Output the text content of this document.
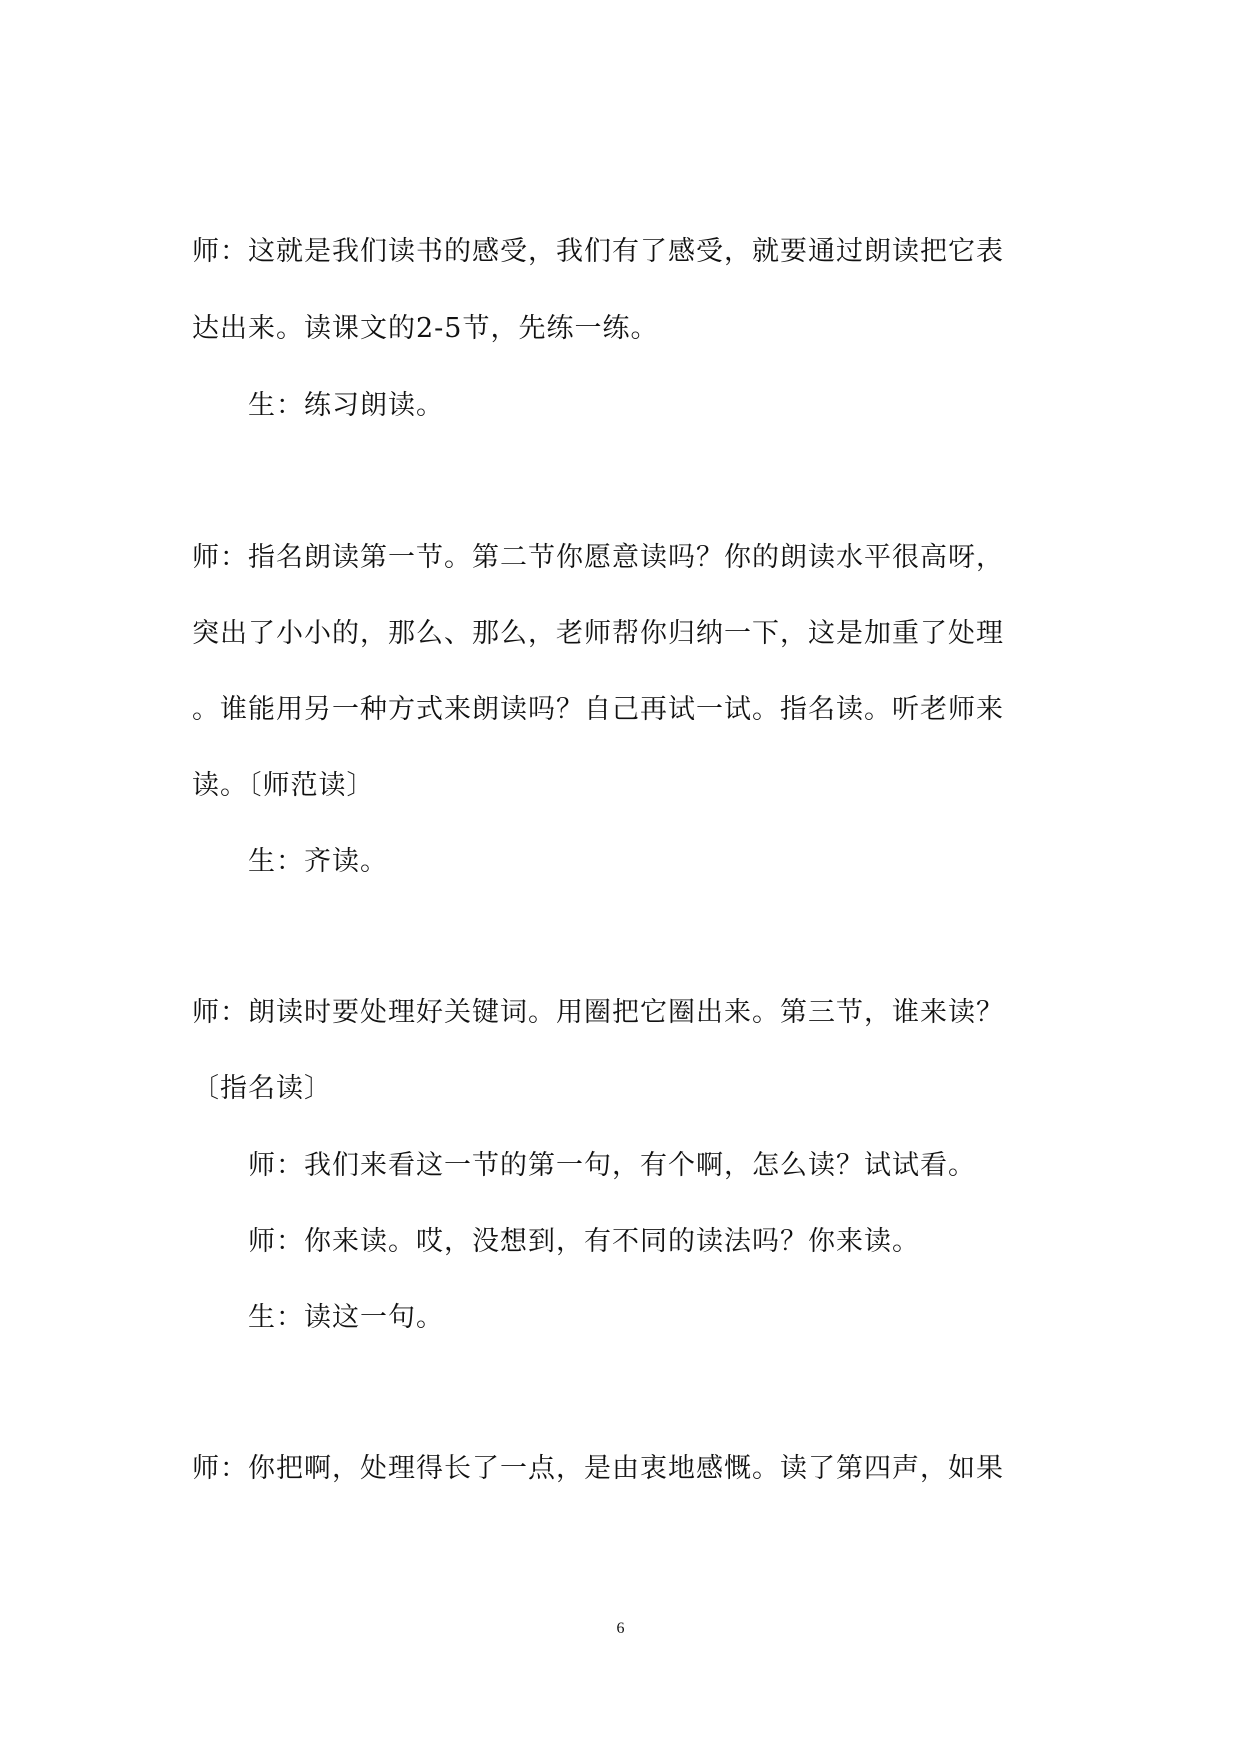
师：这就是我们读书的感受，我们有了感受，就要通过朗读把它表
达出来。读课文的2-5节，先练一练。
生：练习朗读。
师：指名朗读第一节。第二节你愿意读吗？你的朗读水平很高呀，
突出了小小的，那么、那么，老师帮你归纳一下，这是加重了处理
。谁能用另一种方式来朗读吗？自己再试一试。指名读。听老师来
读。〔师范读〕
生：齐读。
师：朗读时要处理好关键词。用圈把它圈出来。第三节，谁来读？
〔指名读〕
师：我们来看这一节的第一句，有个啊，怎么读？试试看。
师：你来读。哎，没想到，有不同的读法吗？你来读。
生：读这一句。
师：你把啊，处理得长了一点，是由衷地感慨。读了第四声，如果
6
